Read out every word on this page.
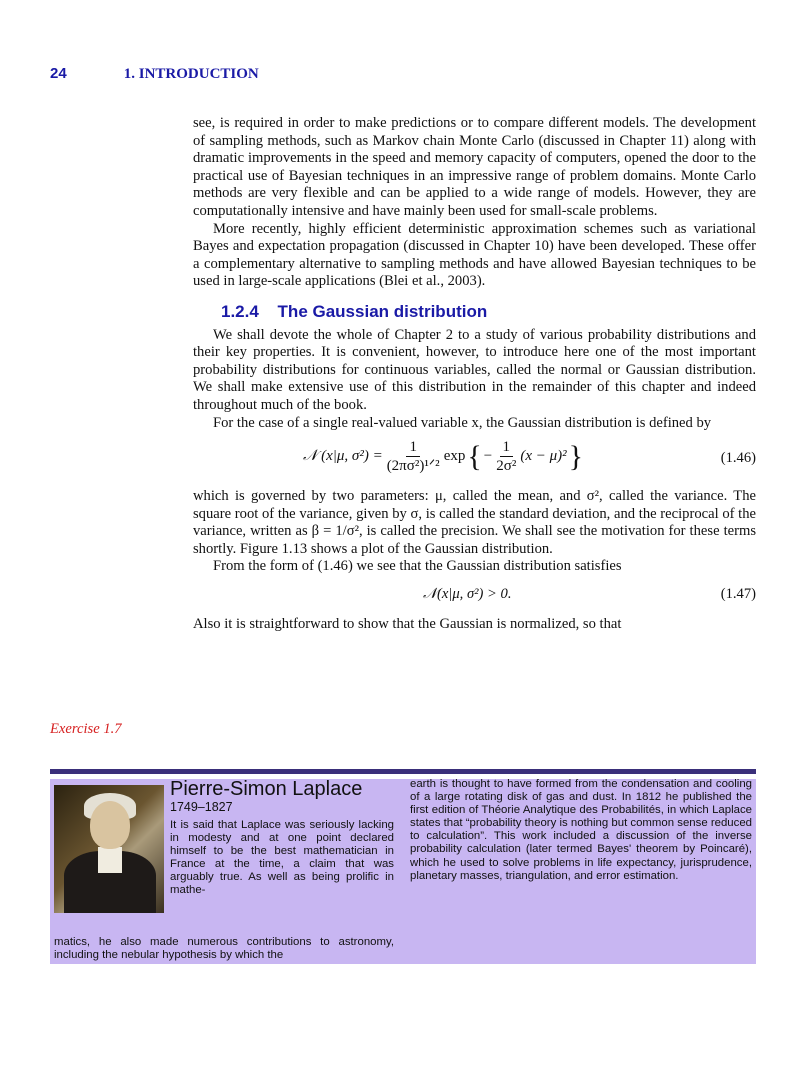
24	1. INTRODUCTION

see, is required in order to make predictions or to compare different models. The development of sampling methods, such as Markov chain Monte Carlo (discussed in Chapter 11) along with dramatic improvements in the speed and memory capacity of computers, opened the door to the practical use of Bayesian techniques in an impressive range of problem domains. Monte Carlo methods are very flexible and can be applied to a wide range of models. However, they are computationally intensive and have mainly been used for small-scale problems.

More recently, highly efficient deterministic approximation schemes such as variational Bayes and expectation propagation (discussed in Chapter 10) have been developed. These offer a complementary alternative to sampling methods and have allowed Bayesian techniques to be used in large-scale applications (Blei et al., 2003).

1.2.4 The Gaussian distribution

We shall devote the whole of Chapter 2 to a study of various probability distributions and their key properties. It is convenient, however, to introduce here one of the most important probability distributions for continuous variables, called the normal or Gaussian distribution. We shall make extensive use of this distribution in the remainder of this chapter and indeed throughout much of the book.

For the case of a single real-valued variable x, the Gaussian distribution is defined by

𝒩 (x|μ, $\sigma^2) = \frac{1}{\text{(2πσ²)¹ᐟ²}}$ exp { − $\frac{1}{\text{2σ²}} (x - \mu)^2$ }	(1.46)

which is governed by two parameters: μ, called the mean, and σ², called the variance. The square root of the variance, given by σ, is called the standard deviation, and the reciprocal of the variance, written as β = 1/σ², is called the precision. We shall see the motivation for these terms shortly. Figure 1.13 shows a plot of the Gaussian distribution.

From the form of (1.46) we see that the Gaussian distribution satisfies

𝒩(x|μ, σ²) > 0.	(1.47)

Also it is straightforward to show that the Gaussian is normalized, so that

Exercise 1.7
Pierre-Simon Laplace
1749–1827

It is said that Laplace was seriously lacking in modesty and at one point declared himself to be the best mathematician in France at the time, a claim that was arguably true. As well as being prolific in mathe-

matics, he also made numerous contributions to astronomy, including the nebular hypothesis by which the

earth is thought to have formed from the condensation and cooling of a large rotating disk of gas and dust. In 1812 he published the first edition of Théorie Analytique des Probabilités, in which Laplace states that “probability theory is nothing but common sense reduced to calculation”. This work included a discussion of the inverse probability calculation (later termed Bayes' theorem by Poincaré), which he used to solve problems in life expectancy, jurisprudence, planetary masses, triangulation, and error estimation.
